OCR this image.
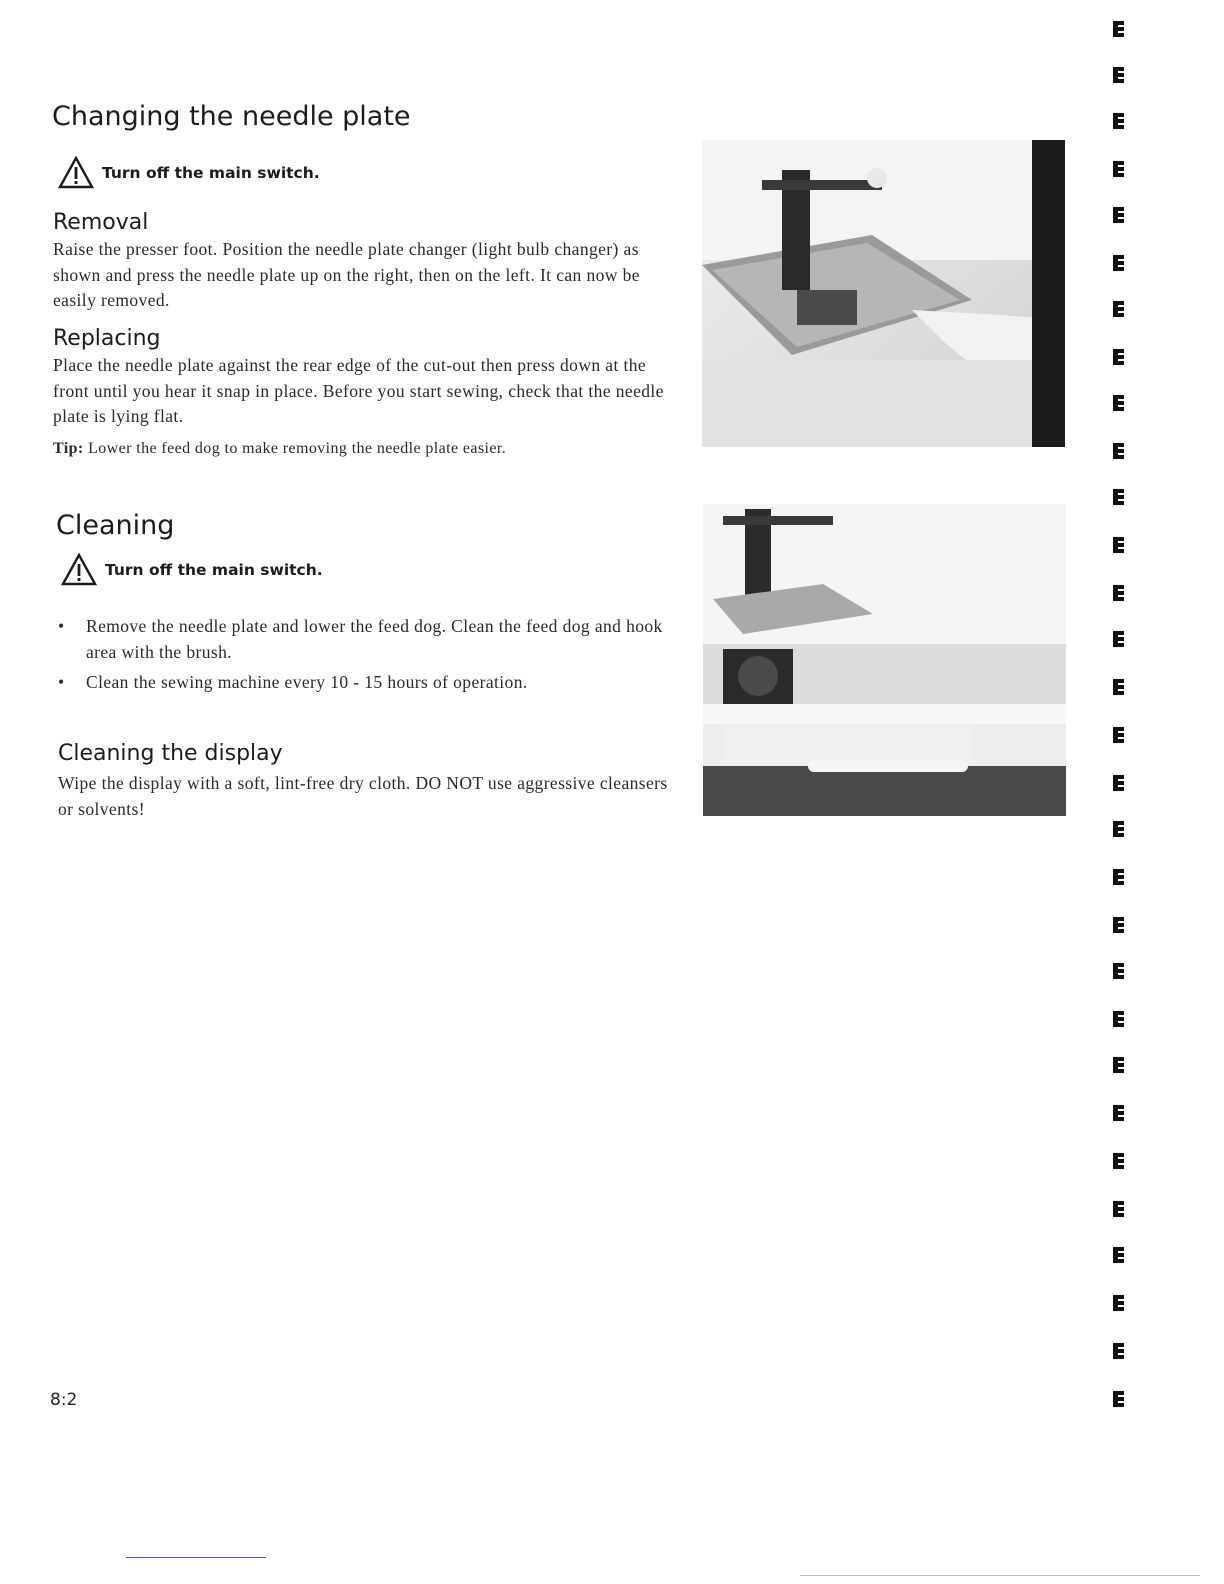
Changing the needle plate
Turn off the main switch.
Removal

Raise the presser foot. Position the needle plate changer (light bulb changer) as shown and press the needle plate up on the right, then on the left. It can now be easily removed.

Replacing

Place the needle plate against the rear edge of the cut-out then press down at the front until you hear it snap in place. Before you start sewing, check that the needle plate is lying flat.

Tip: Lower the feed dog to make removing the needle plate easier.

Cleaning
Turn off the main switch.
• Remove the needle plate and lower the feed dog. Clean the feed dog and hook area with the brush.
• Clean the sewing machine every 10 - 15 hours of operation.
Cleaning the display

Wipe the display with a soft, lint-free dry cloth. DO NOT use aggressive cleansers or solvents!

8:2
